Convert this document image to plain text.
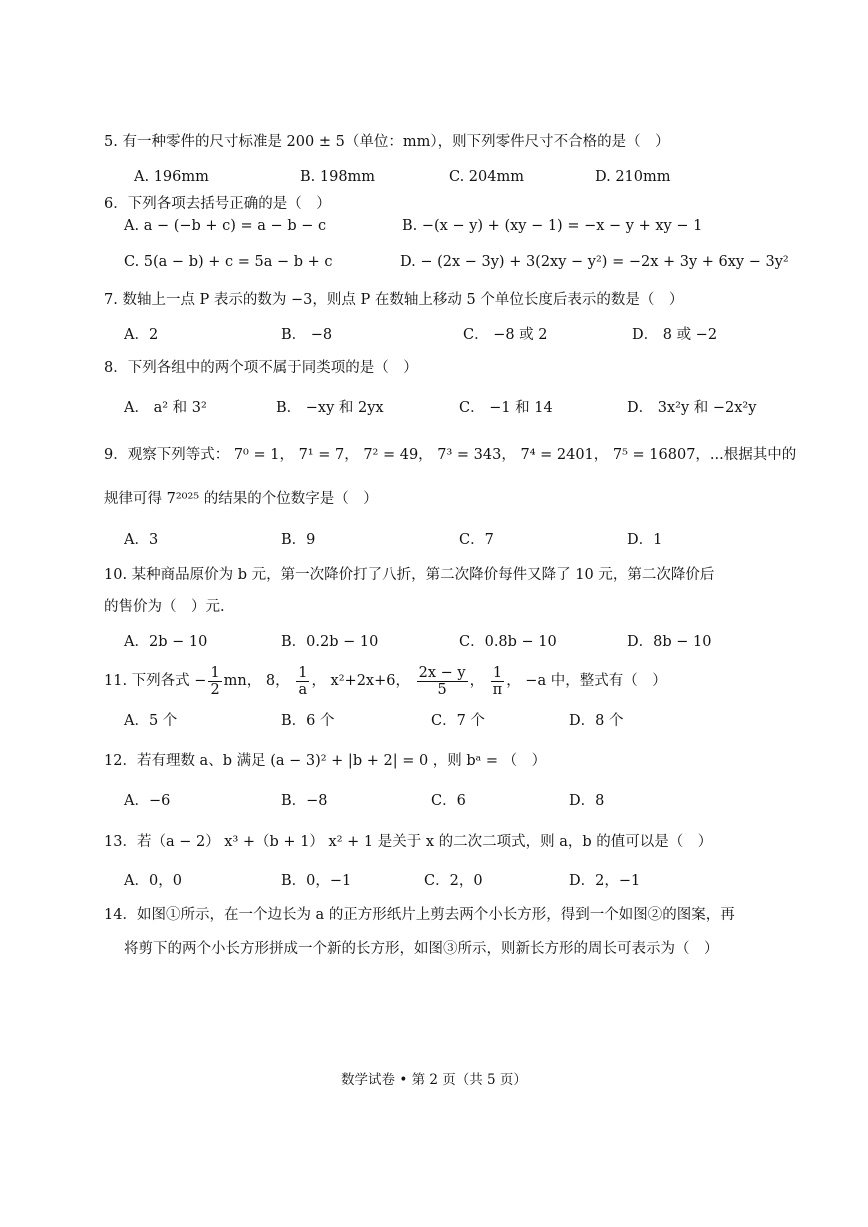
5. 有一种零件的尺寸标准是 200 ± 5（单位：mm），则下列零件尺寸不合格的是（　）
A. 196mm	B. 198mm	C. 204mm	D. 210mm
6．下列各项去括号正确的是（　）
A. a − (−b + c) = a − b − c	B. −(x − y) + (xy − 1) = −x − y + xy − 1
C. 5(a − b) + c = 5a − b + c	D. − (2x − 3y) + 3(2xy − y²) = −2x + 3y + 6xy − 3y²
7. 数轴上一点 P 表示的数为 −3，则点 P 在数轴上移动 5 个单位长度后表示的数是（　）
A．2	B． −8	C． −8 或 2	D． 8 或 −2
8．下列各组中的两个项不属于同类项的是（　）
A． a² 和 3²	B． −xy 和 2yx	C． −1 和 14	D． 3x²y 和 −2x²y
9．观察下列等式： 7⁰ = 1， 7¹ = 7， 7² = 49， 7³ = 343， 7⁴ = 2401， 7⁵ = 16807，...根据其中的
规律可得 7²⁰²⁵ 的结果的个位数字是（　）
A．3	B．9	C．7	D．1
10. 某种商品原价为 b 元，第一次降价打了八折，第二次降价每件又降了 10 元，第二次降价后
的售价为（　）元.
A．2b − 10	B．0.2b − 10	C．0.8b − 10	D．8b − 10
11. 下列各式 − $\frac{1}{2}$ mn， 8， $\frac{1}{a}$ ， x²+2x+6， $\frac{2x - y}{5}$ ， $\frac{1}{\pi}$ ， −a 中，整式有（　）
A．5 个	B．6 个	C．7 个	D．8 个
12．若有理数 a、b 满足 (a − 3)² + |b + 2| = 0 ，则 bᵃ = （　）
A．−6	B．−8	C．6	D．8
13．若（a − 2） x³ +（b + 1） x² + 1 是关于 x 的二次二项式，则 a，b 的值可以是（　）
A．0，0	B．0，−1	C．2，0	D．2，−1
14．如图①所示，在一个边长为 a 的正方形纸片上剪去两个小长方形，得到一个如图②的图案，再
将剪下的两个小长方形拼成一个新的长方形，如图③所示，则新长方形的周长可表示为（　）
数学试卷 • 第 2 页（共 5 页）
